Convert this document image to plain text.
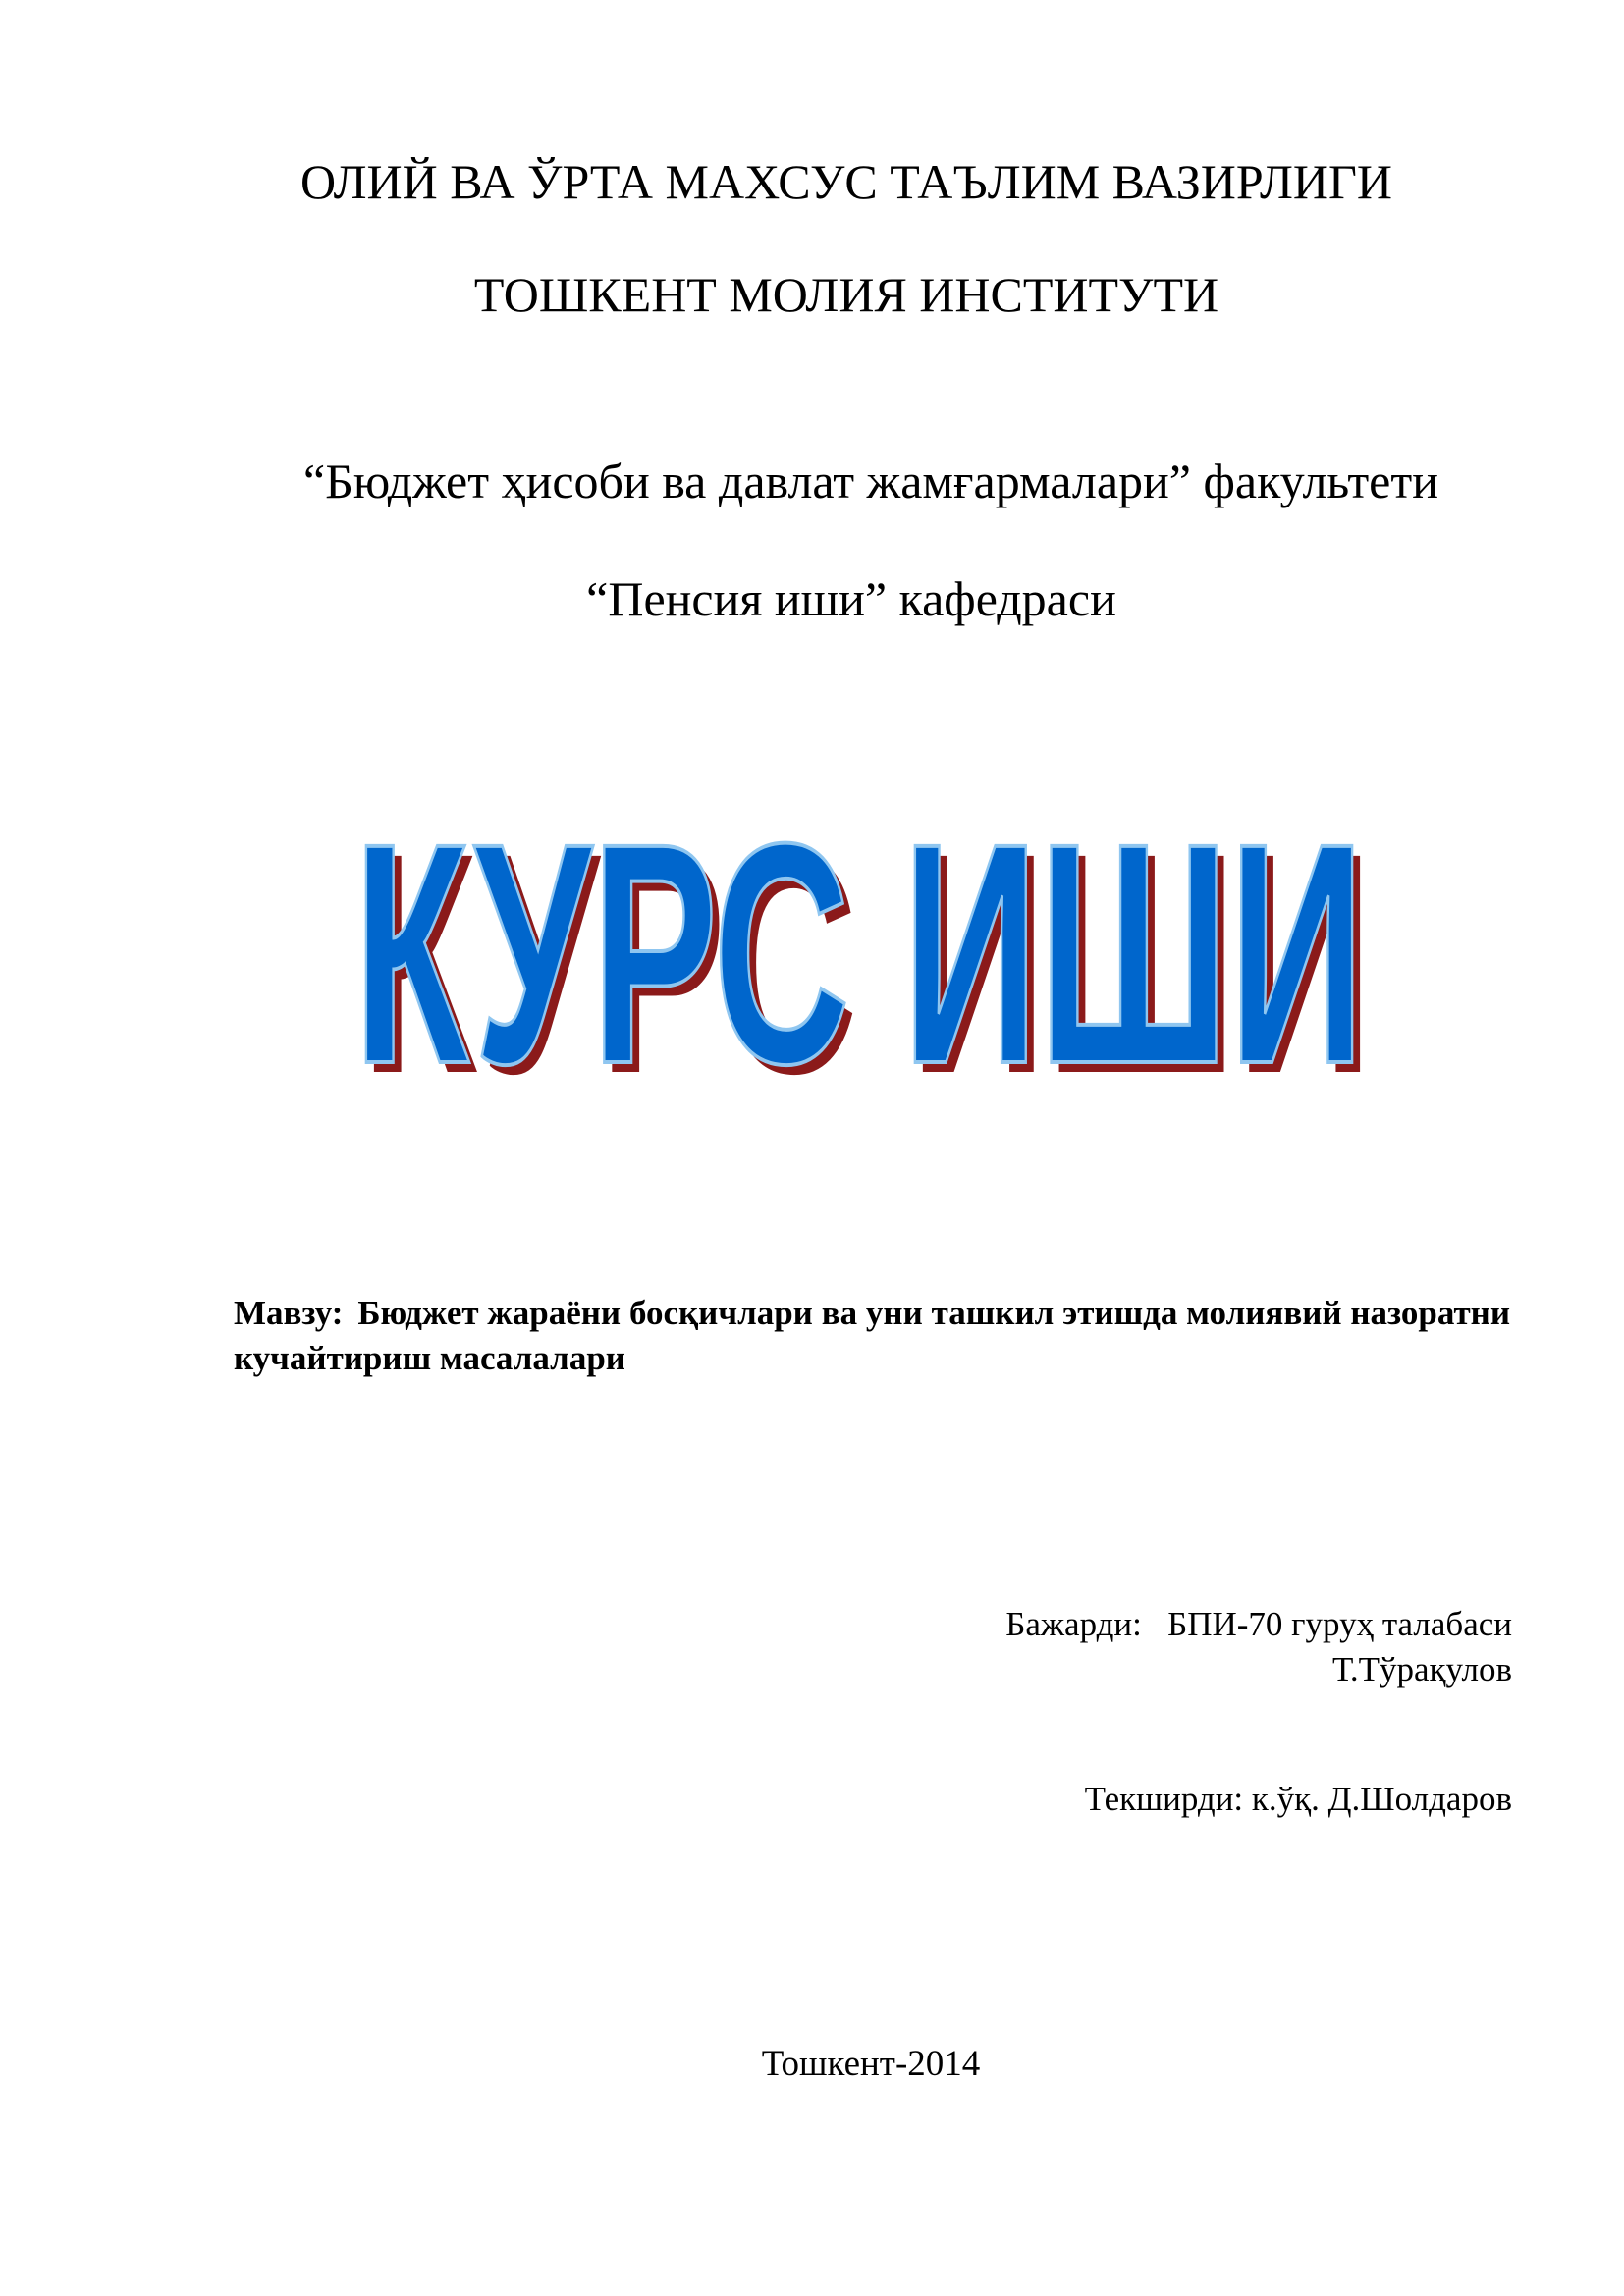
ОЛИЙ ВА ЎРТА МАХСУС ТАЪЛИМ ВАЗИРЛИГИ
ТОШКЕНТ МОЛИЯ ИНСТИТУТИ
“Бюджет ҳисоби ва давлат жамғармалари” факультети
“Пенсия иши” кафедраси
КУРС ИШИ
КУРС ИШИ
Мавзу: Бюджет жараёни босқичлари ва уни ташкил этишда молиявий назоратни кучайтириш масалалари
Бажарди: БПИ-70 гуруҳ талабаси
Т.Тўрақулов
Текширди: к.ўқ. Д.Шолдаров
Тошкент-2014
